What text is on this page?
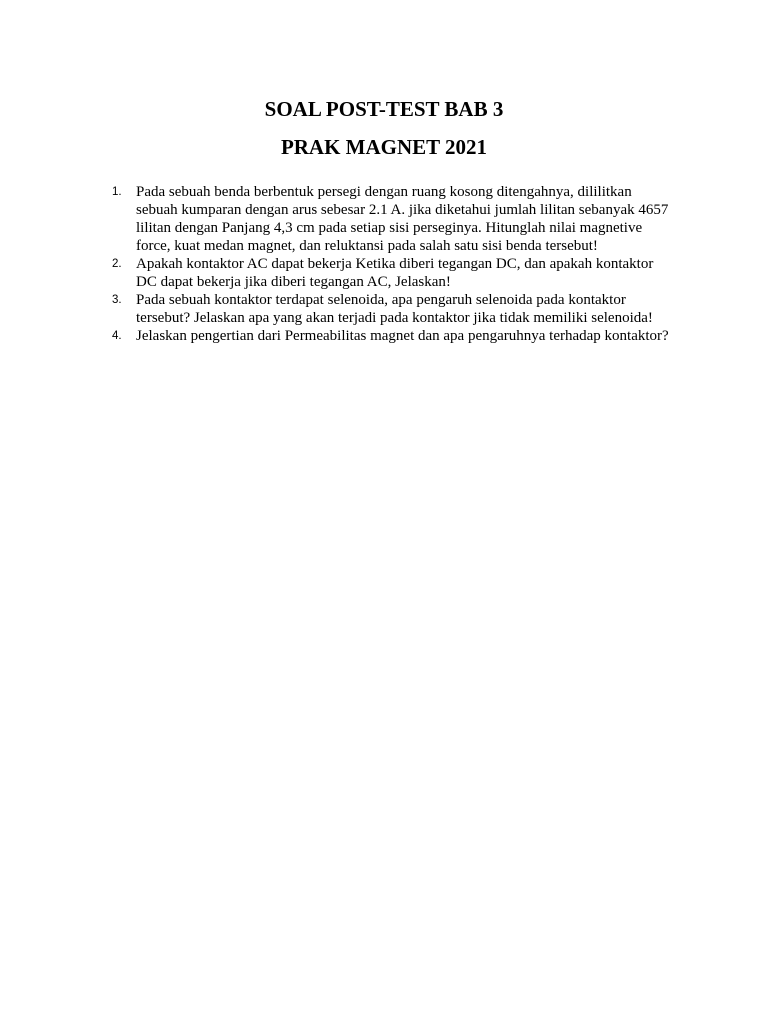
SOAL POST-TEST BAB 3
PRAK MAGNET 2021
1. Pada sebuah benda berbentuk persegi dengan ruang kosong ditengahnya, dililitkan
sebuah kumparan dengan arus sebesar 2.1 A. jika diketahui jumlah lilitan sebanyak 4657
lilitan dengan Panjang 4,3 cm pada setiap sisi perseginya. Hitunglah nilai magnetive
force, kuat medan magnet, dan reluktansi pada salah satu sisi benda tersebut!
2. Apakah kontaktor AC dapat bekerja Ketika diberi tegangan DC, dan apakah kontaktor
DC dapat bekerja jika diberi tegangan AC, Jelaskan!
3. Pada sebuah kontaktor terdapat selenoida, apa pengaruh selenoida pada kontaktor
tersebut? Jelaskan apa yang akan terjadi pada kontaktor jika tidak memiliki selenoida!
4. Jelaskan pengertian dari Permeabilitas magnet dan apa pengaruhnya terhadap kontaktor?
